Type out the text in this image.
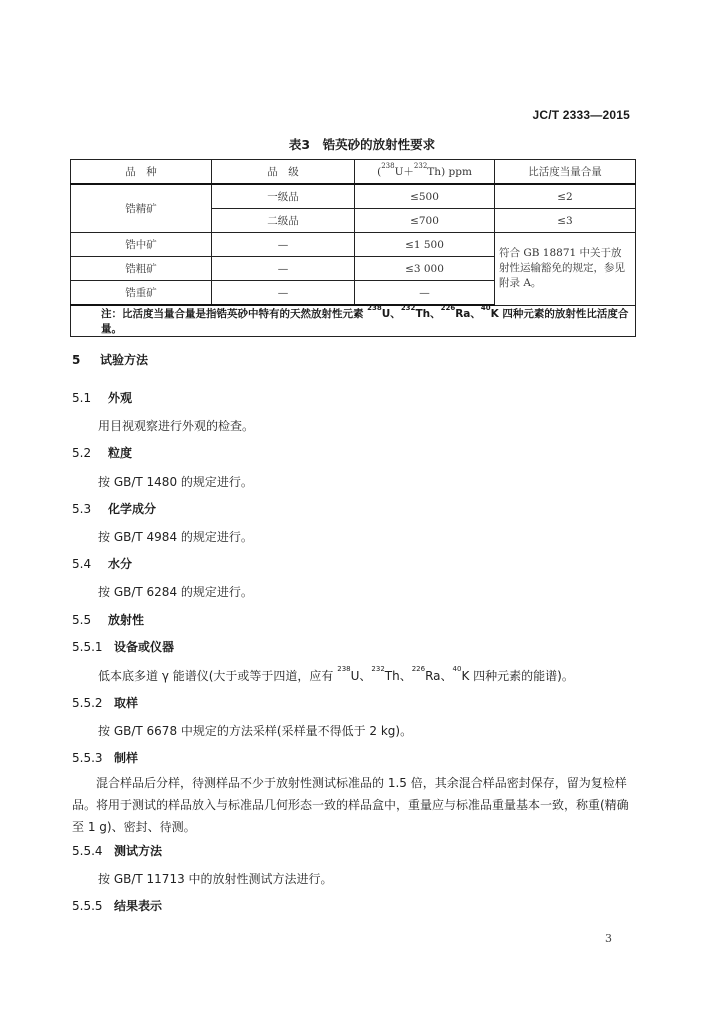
JC/T 2333—2015
表3　锆英砂的放射性要求
品　种	品　级	($^{238}$U＋$^{232}$Th) ppm	比活度当量合量
锆精矿	一级品	≤500	≤2
	二级品	≤700	≤3
锆中矿	—	≤1 500	符合 GB 18871 中关于放射性运输豁免的规定，参见附录 A。
锆粗矿	—	≤3 000	
锆重矿	—	—	
注：比活度当量合量是指锆英砂中特有的天然放射性元素 $^{238}$U、$^{232}$Th、$^{226}$Ra、$^{40}$K 四种元素的放射性比活度合量。			
5 试验方法
5.1 外观
用目视观察进行外观的检查。
5.2 粒度
按 GB/T 1480 的规定进行。
5.3 化学成分
按 GB/T 4984 的规定进行。
5.4 水分
按 GB/T 6284 的规定进行。
5.5 放射性
5.5.1 设备或仪器
低本底多道 γ 能谱仪(大于或等于四道，应有 $^{238}$U、$^{232}$Th、$^{226}$Ra、$^{40}$K 四种元素的能谱)。
5.5.2 取样
按 GB/T 6678 中规定的方法采样(采样量不得低于 2 kg)。
5.5.3 制样
混合样品后分样，待测样品不少于放射性测试标准品的 1.5 倍，其余混合样品密封保存，留为复检样品。将用于测试的样品放入与标准品几何形态一致的样品盒中，重量应与标准品重量基本一致，称重(精确至 1 g)、密封、待测。
5.5.4 测试方法
按 GB/T 11713 中的放射性测试方法进行。
5.5.5 结果表示
3
